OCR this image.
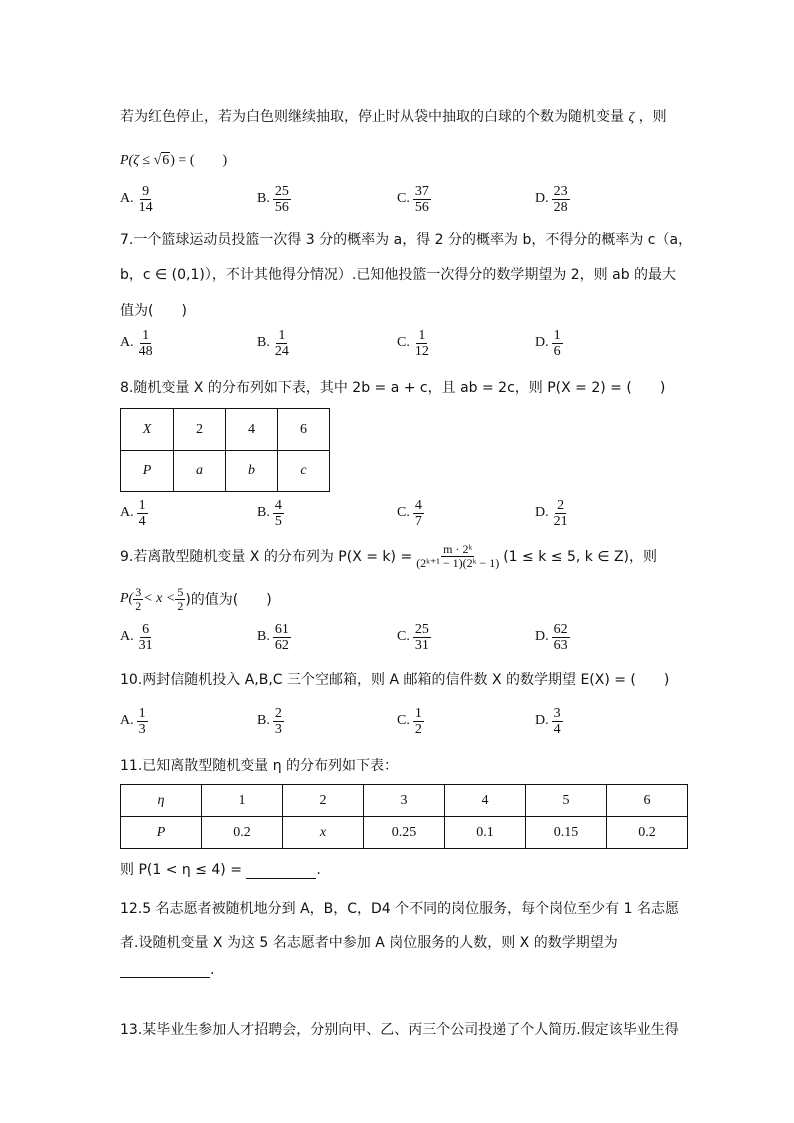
若为红色停止，若为白色则继续抽取，停止时从袋中抽取的白球的个数为随机变量 ζ ，则
P(ζ ≤ √6) = (　　)
A. $\frac{9}{14}$	B. $\frac{25}{56}$	C. $\frac{37}{56}$	D. $\frac{23}{28}$
7.一个篮球运动员投篮一次得 3 分的概率为 a，得 2 分的概率为 b，不得分的概率为 c（a，
b，c ∈ (0,1)），不计其他得分情况）.已知他投篮一次得分的数学期望为 2，则 ab 的最大
值为(　　)
A. $\frac{1}{48}$	B. $\frac{1}{24}$	C. $\frac{1}{12}$	D. $\frac{1}{6}$
8.随机变量 X 的分布列如下表，其中 2b = a + c，且 ab = 2c，则 P(X = 2) = (　　)
X	2	4	6
P	a	b	c
A. $\frac{1}{4}$	B. $\frac{4}{5}$	C. $\frac{4}{7}$	D. $\frac{2}{21}$
9.若离散型随机变量 X 的分布列为 $P(X = k) = \frac{\text{m · 2ᵏ}}{\text{(2ᵏ⁺¹ − 1)(2ᵏ − 1)}} (1 \le k \le 5$, k ∈ Z)，则
$P( \frac{3}{2} < x < \frac{5}{2}$ )的值为(　　)
A. $\frac{6}{31}$	B. $\frac{61}{62}$	C. $\frac{25}{31}$	D. $\frac{62}{63}$
10.两封信随机投入 A,B,C 三个空邮箱，则 A 邮箱的信件数 X 的数学期望 E(X) = (　　)
A. $\frac{1}{3}$	B. $\frac{2}{3}$	C. $\frac{1}{2}$	D. $\frac{3}{4}$
11.已知离散型随机变量 η 的分布列如下表：
η	1	2	3	4	5	6
P	0.2	x	0.25	0.1	0.15	0.2
则 P(1 < η ≤ 4) =	.
12.5 名志愿者被随机地分到 A，B，C，D4 个不同的岗位服务，每个岗位至少有 1 名志愿
者.设随机变量 X 为这 5 名志愿者中参加 A 岗位服务的人数，则 X 的数学期望为
.
13.某毕业生参加人才招聘会，分别向甲、乙、丙三个公司投递了个人简历.假定该毕业生得
